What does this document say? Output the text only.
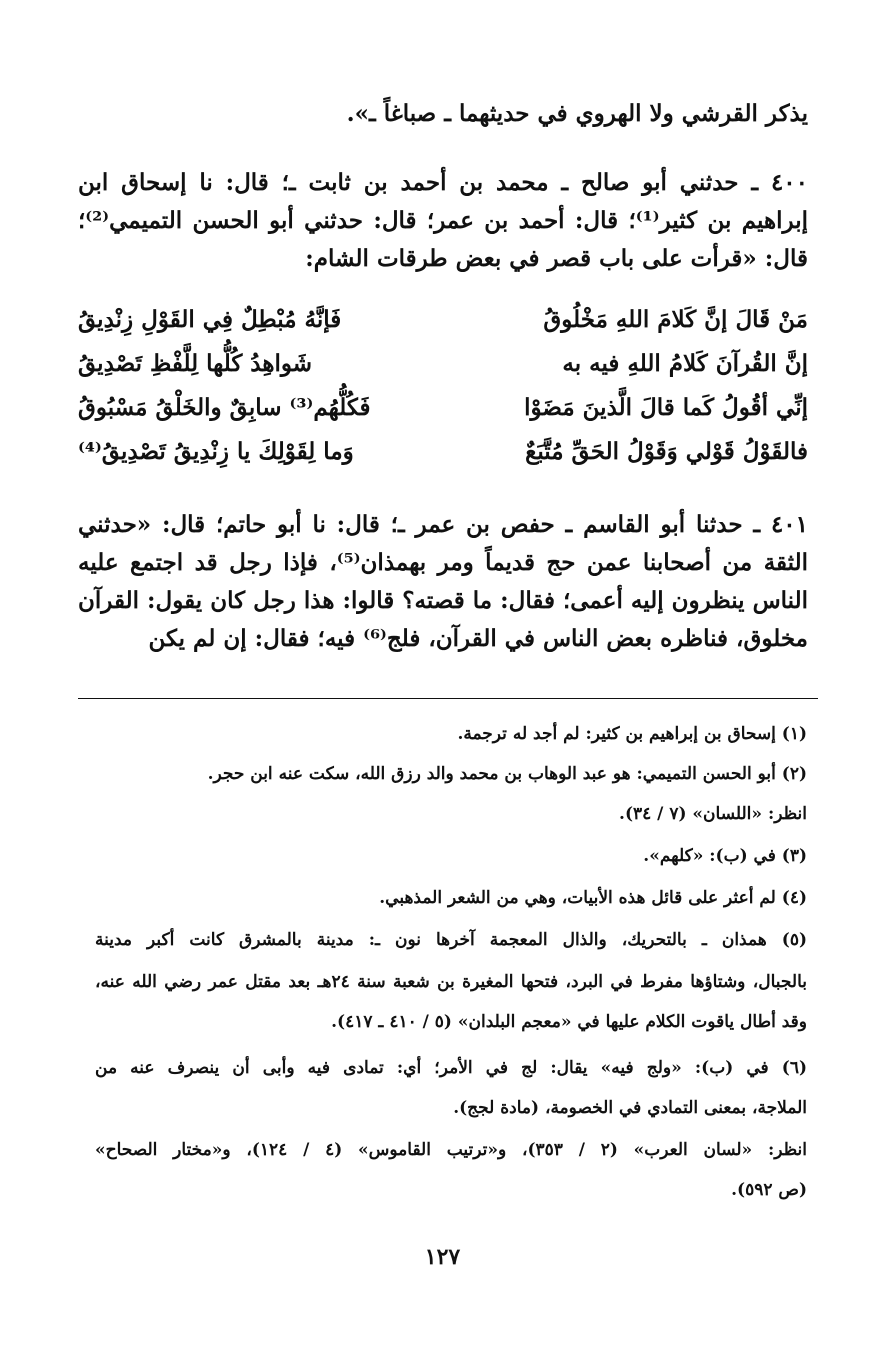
يذكر القرشي ولا الهروي في حديثهما ـ صباغاً ـ».

٤٠٠ ـ حدثني أبو صالح ـ محمد بن أحمد بن ثابت ـ؛ قال: نا إسحاق ابن إبراهيم بن كثير⁽¹⁾؛ قال: أحمد بن عمر؛ قال: حدثني أبو الحسن التميمي⁽²⁾؛ قال: «قرأت على باب قصر في بعض طرقات الشام:

مَنْ قَالَ إنَّ كَلامَ اللهِ مَخْلُوقُ
فَإنَّهُ مُبْطِلٌ فِي القَوْلِ زِنْدِيقُ
إنَّ القُرآنَ كَلامُ اللهِ فيه به
شَواهِدُ كُلُّها لِلَّفْظِ تَصْدِيقُ
إنِّي أقُولُ كَما قالَ الَّذينَ مَضَوْا
فَكُلُّهُم⁽³⁾ سابِقٌ والخَلْقُ مَسْبُوقُ
فالقَوْلُ قَوْلي وَقَوْلُ الحَقِّ مُتَّبَعٌ
وَما لِقَوْلِكَ يا زِنْدِيقُ تَصْدِيقُ⁽⁴⁾

٤٠١ ـ حدثنا أبو القاسم ـ حفص بن عمر ـ؛ قال: نا أبو حاتم؛ قال: «حدثني الثقة من أصحابنا عمن حج قديماً ومر بهمذان⁽⁵⁾، فإذا رجل قد اجتمع عليه الناس ينظرون إليه أعمى؛ فقال: ما قصته؟ قالوا: هذا رجل كان يقول: القرآن مخلوق، فناظره بعض الناس في القرآن، فلج⁽⁶⁾ فيه؛ فقال: إن لم يكن

(١) إسحاق بن إبراهيم بن كثير: لم أجد له ترجمة.
(٢) أبو الحسن التميمي: هو عبد الوهاب بن محمد والد رزق الله، سكت عنه ابن حجر.
انظر: «اللسان» (٧ / ٣٤).
(٣) في (ب): «كلهم».
(٤) لم أعثر على قائل هذه الأبيات، وهي من الشعر المذهبي.
(٥) همذان ـ بالتحريك، والذال المعجمة آخرها نون ـ: مدينة بالمشرق كانت أكبر مدينة
بالجبال، وشتاؤها مفرط في البرد، فتحها المغيرة بن شعبة سنة ٢٤هـ بعد مقتل عمر رضي الله عنه،
وقد أطال ياقوت الكلام عليها في «معجم البلدان» (٥ / ٤١٠ ـ ٤١٧).
(٦) في (ب): «ولج فيه» يقال: لج في الأمر؛ أي: تمادى فيه وأبى أن ينصرف عنه من
الملاجة، بمعنى التمادي في الخصومة، (مادة لجج).
انظر: «لسان العرب» (٢ / ٣٥٣)، و«ترتيب القاموس» (٤ / ١٢٤)، و«مختار الصحاح»
(ص ٥٩٢).
١٢٧
